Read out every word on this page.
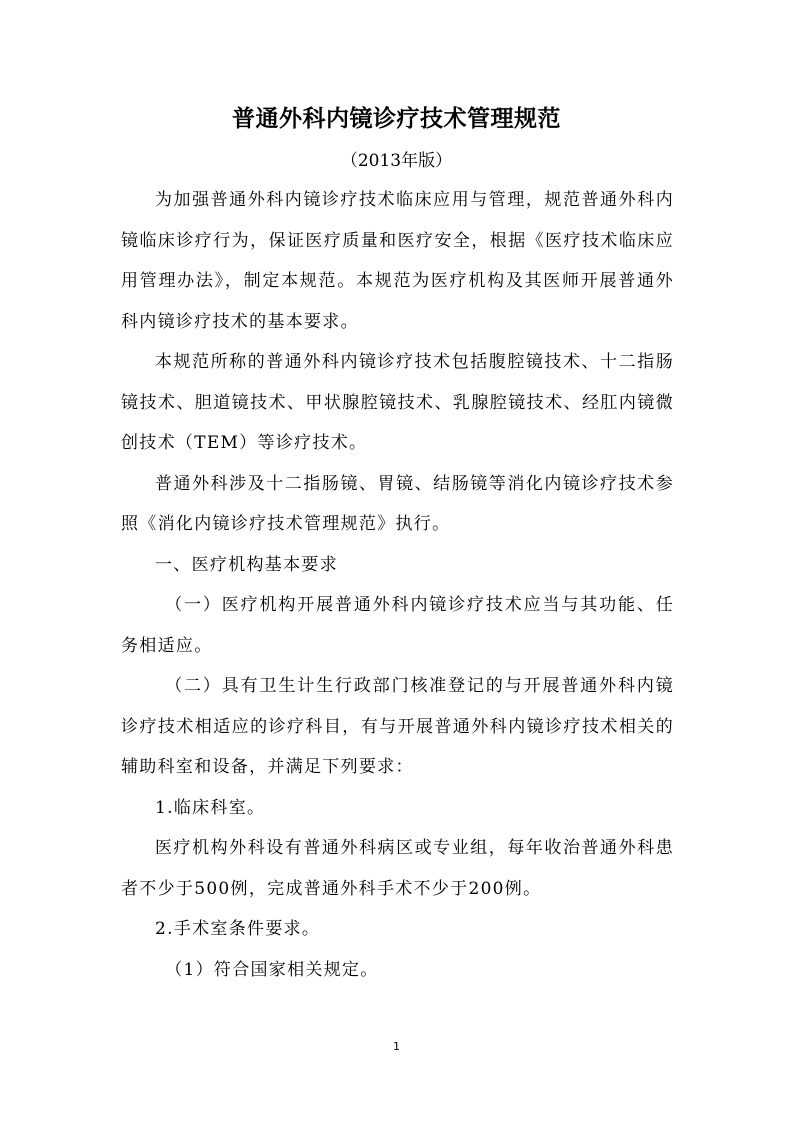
普通外科内镜诊疗技术管理规范
（2013年版）

为加强普通外科内镜诊疗技术临床应用与管理，规范普通外科内镜临床诊疗行为，保证医疗质量和医疗安全，根据《医疗技术临床应用管理办法》，制定本规范。本规范为医疗机构及其医师开展普通外科内镜诊疗技术的基本要求。

本规范所称的普通外科内镜诊疗技术包括腹腔镜技术、十二指肠镜技术、胆道镜技术、甲状腺腔镜技术、乳腺腔镜技术、经肛内镜微创技术（TEM）等诊疗技术。

普通外科涉及十二指肠镜、胃镜、结肠镜等消化内镜诊疗技术参照《消化内镜诊疗技术管理规范》执行。

一、医疗机构基本要求

（一）医疗机构开展普通外科内镜诊疗技术应当与其功能、任务相适应。

（二）具有卫生计生行政部门核准登记的与开展普通外科内镜诊疗技术相适应的诊疗科目，有与开展普通外科内镜诊疗技术相关的辅助科室和设备，并满足下列要求：

1.临床科室。

医疗机构外科设有普通外科病区或专业组，每年收治普通外科患者不少于500例，完成普通外科手术不少于200例。

2.手术室条件要求。

（1）符合国家相关规定。

1
